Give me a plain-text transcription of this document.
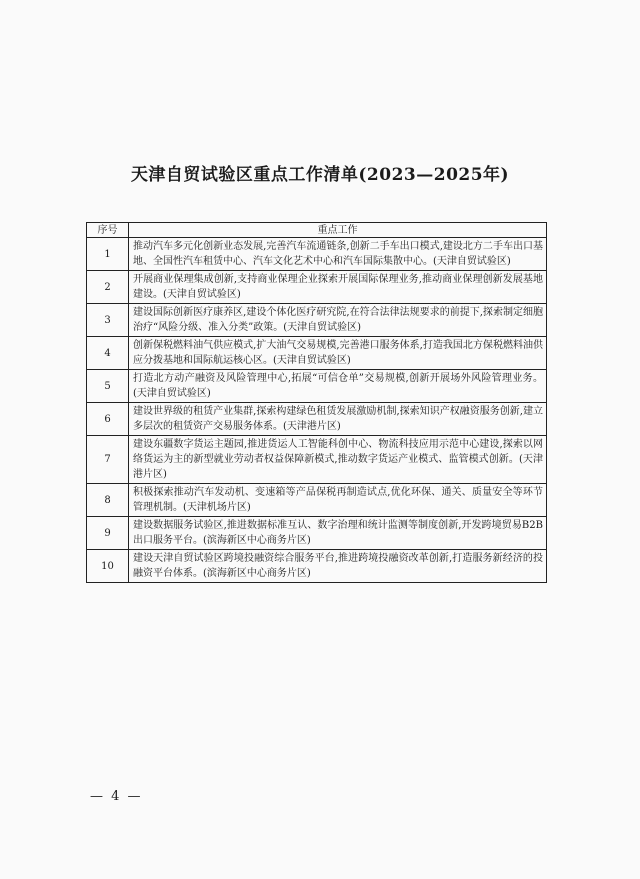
天津自贸试验区重点工作清单(2023—2025年)
序号	重点工作
1	推动汽车多元化创新业态发展,完善汽车流通链条,创新二手车出口模式,建设北方二手车出口基地、全国性汽车租赁中心、汽车文化艺术中心和汽车国际集散中心。(天津自贸试验区)
2	开展商业保理集成创新,支持商业保理企业探索开展国际保理业务,推动商业保理创新发展基地建设。(天津自贸试验区)
3	建设国际创新医疗康养区,建设个体化医疗研究院,在符合法律法规要求的前提下,探索制定细胞治疗“风险分级、准入分类”政策。(天津自贸试验区)
4	创新保税燃料油气供应模式,扩大油气交易规模,完善港口服务体系,打造我国北方保税燃料油供应分拨基地和国际航运核心区。(天津自贸试验区)
5	打造北方动产融资及风险管理中心,拓展“可信仓单”交易规模,创新开展场外风险管理业务。(天津自贸试验区)
6	建设世界级的租赁产业集群,探索构建绿色租赁发展激励机制,探索知识产权融资服务创新,建立多层次的租赁资产交易服务体系。(天津港片区)
7	建设东疆数字货运主题园,推进货运人工智能科创中心、物流科技应用示范中心建设,探索以网络货运为主的新型就业劳动者权益保障新模式,推动数字货运产业模式、监管模式创新。(天津港片区)
8	积极探索推动汽车发动机、变速箱等产品保税再制造试点,优化环保、通关、质量安全等环节管理机制。(天津机场片区)
9	建设数据服务试验区,推进数据标准互认、数字治理和统计监测等制度创新,开发跨境贸易B2B出口服务平台。(滨海新区中心商务片区)
10	建设天津自贸试验区跨境投融资综合服务平台,推进跨境投融资改革创新,打造服务新经济的投融资平台体系。(滨海新区中心商务片区)
— 4 —
